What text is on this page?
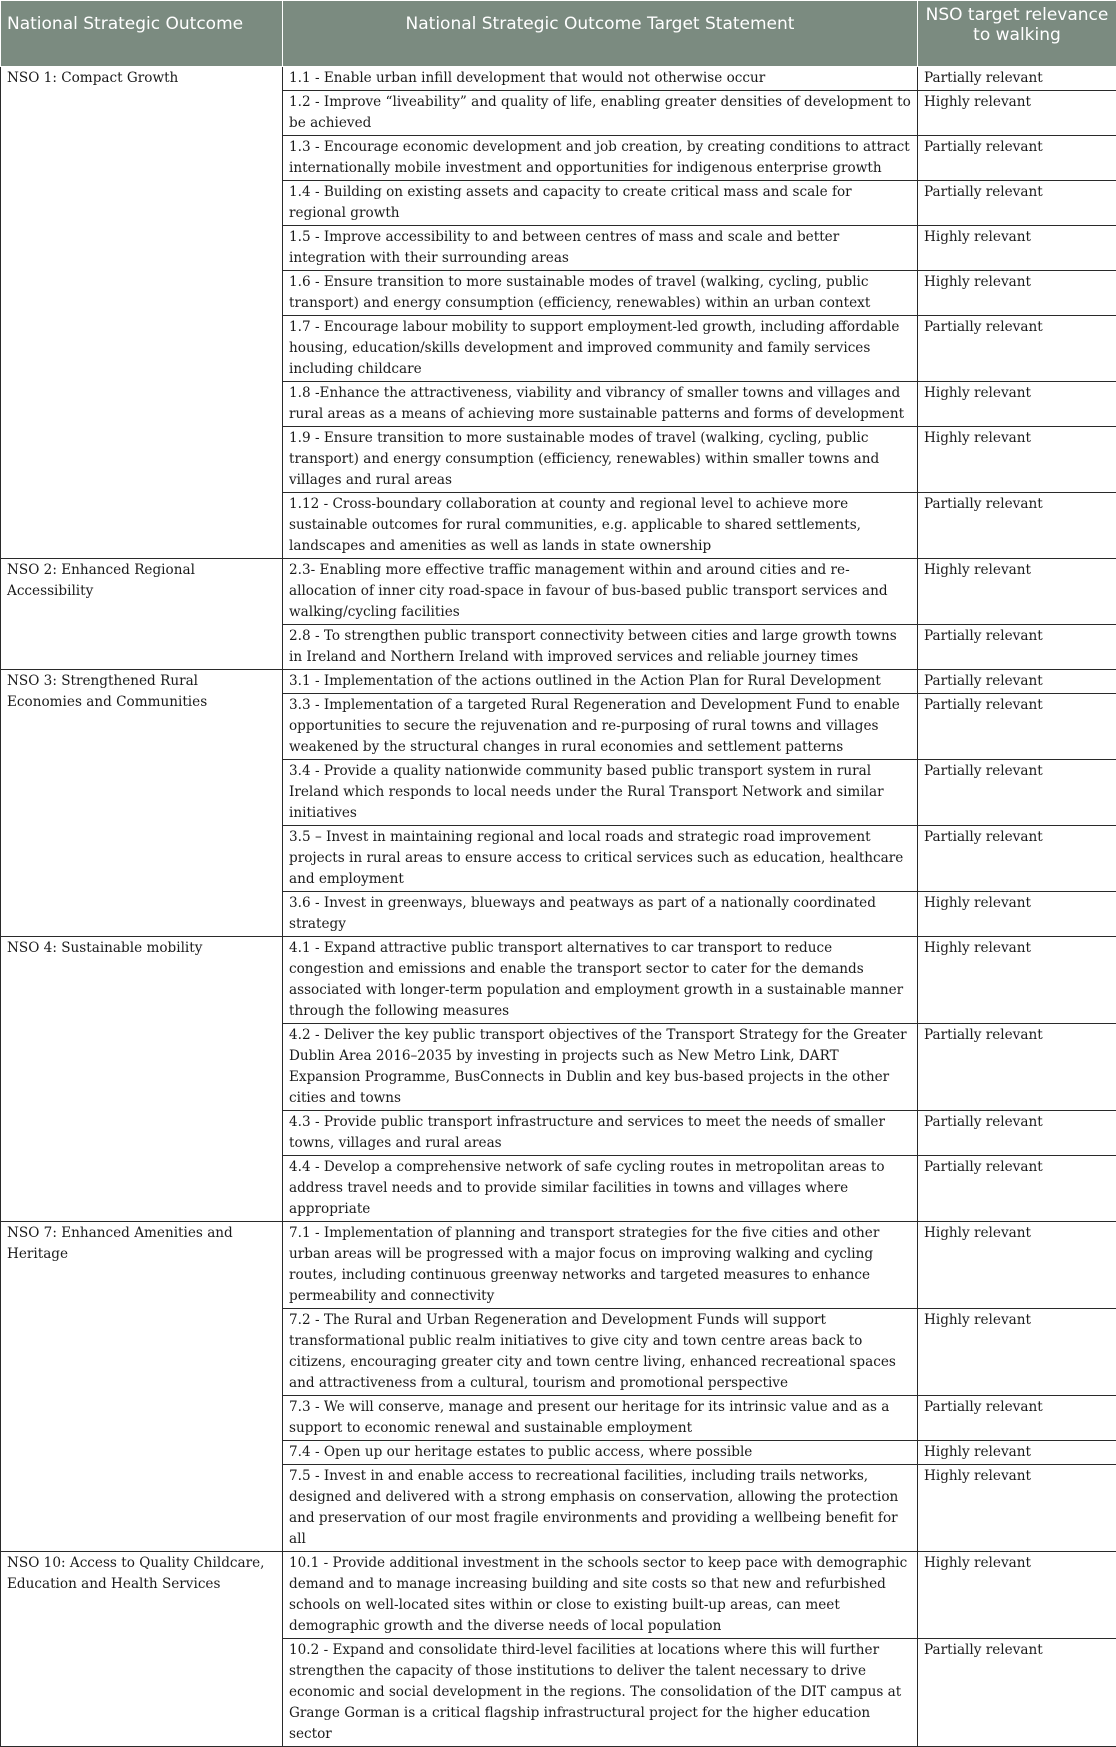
National Strategic Outcome	National Strategic Outcome Target Statement	NSO target relevance to walking
NSO 1: Compact Growth	1.1 - Enable urban infill development that would not otherwise occur	Partially relevant
	1.2 - Improve “liveability” and quality of life, enabling greater densities of development to be achieved	Highly relevant
	1.3 - Encourage economic development and job creation, by creating conditions to attract internationally mobile investment and opportunities for indigenous enterprise growth	Partially relevant
	1.4 - Building on existing assets and capacity to create critical mass and scale for regional growth	Partially relevant
	1.5 - Improve accessibility to and between centres of mass and scale and better integration with their surrounding areas	Highly relevant
	1.6 - Ensure transition to more sustainable modes of travel (walking, cycling, public transport) and energy consumption (efficiency, renewables) within an urban context	Highly relevant
	1.7 - Encourage labour mobility to support employment-led growth, including affordable housing, education/skills development and improved community and family services including childcare	Partially relevant
	1.8 -Enhance the attractiveness, viability and vibrancy of smaller towns and villages and rural areas as a means of achieving more sustainable patterns and forms of development	Highly relevant
	1.9 - Ensure transition to more sustainable modes of travel (walking, cycling, public transport) and energy consumption (efficiency, renewables) within smaller towns and villages and rural areas	Highly relevant
	1.12 - Cross-boundary collaboration at county and regional level to achieve more sustainable outcomes for rural communities, e.g. applicable to shared settlements, landscapes and amenities as well as lands in state ownership	Partially relevant
NSO 2: Enhanced Regional Accessibility	2.3- Enabling more effective traffic management within and around cities and re-allocation of inner city road-space in favour of bus-based public transport services and walking/cycling facilities	Highly relevant
	2.8 - To strengthen public transport connectivity between cities and large growth towns in Ireland and Northern Ireland with improved services and reliable journey times	Partially relevant
NSO 3: Strengthened Rural Economies and Communities	3.1 - Implementation of the actions outlined in the Action Plan for Rural Development	Partially relevant
	3.3 - Implementation of a targeted Rural Regeneration and Development Fund to enable opportunities to secure the rejuvenation and re-purposing of rural towns and villages weakened by the structural changes in rural economies and settlement patterns	Partially relevant
	3.4 - Provide a quality nationwide community based public transport system in rural Ireland which responds to local needs under the Rural Transport Network and similar initiatives	Partially relevant
	3.5 – Invest in maintaining regional and local roads and strategic road improvement projects in rural areas to ensure access to critical services such as education, healthcare and employment	Partially relevant
	3.6 - Invest in greenways, blueways and peatways as part of a nationally coordinated strategy	Highly relevant
NSO 4: Sustainable mobility	4.1 - Expand attractive public transport alternatives to car transport to reduce congestion and emissions and enable the transport sector to cater for the demands associated with longer-term population and employment growth in a sustainable manner through the following measures	Highly relevant
	4.2 - Deliver the key public transport objectives of the Transport Strategy for the Greater Dublin Area 2016–2035 by investing in projects such as New Metro Link, DART Expansion Programme, BusConnects in Dublin and key bus-based projects in the other cities and towns	Partially relevant
	4.3 - Provide public transport infrastructure and services to meet the needs of smaller towns, villages and rural areas	Partially relevant
	4.4 - Develop a comprehensive network of safe cycling routes in metropolitan areas to address travel needs and to provide similar facilities in towns and villages where appropriate	Partially relevant
NSO 7: Enhanced Amenities and Heritage	7.1 - Implementation of planning and transport strategies for the five cities and other urban areas will be progressed with a major focus on improving walking and cycling routes, including continuous greenway networks and targeted measures to enhance permeability and connectivity	Highly relevant
	7.2 - The Rural and Urban Regeneration and Development Funds will support transformational public realm initiatives to give city and town centre areas back to citizens, encouraging greater city and town centre living, enhanced recreational spaces and attractiveness from a cultural, tourism and promotional perspective	Highly relevant
	7.3 - We will conserve, manage and present our heritage for its intrinsic value and as a support to economic renewal and sustainable employment	Partially relevant
	7.4 - Open up our heritage estates to public access, where possible	Highly relevant
	7.5 - Invest in and enable access to recreational facilities, including trails networks, designed and delivered with a strong emphasis on conservation, allowing the protection and preservation of our most fragile environments and providing a wellbeing benefit for all	Highly relevant
NSO 10: Access to Quality Childcare, Education and Health Services	10.1 - Provide additional investment in the schools sector to keep pace with demographic demand and to manage increasing building and site costs so that new and refurbished schools on well-located sites within or close to existing built-up areas, can meet demographic growth and the diverse needs of local population	Highly relevant
	10.2 - Expand and consolidate third-level facilities at locations where this will further strengthen the capacity of those institutions to deliver the talent necessary to drive economic and social development in the regions. The consolidation of the DIT campus at Grange Gorman is a critical flagship infrastructural project for the higher education sector	Partially relevant
